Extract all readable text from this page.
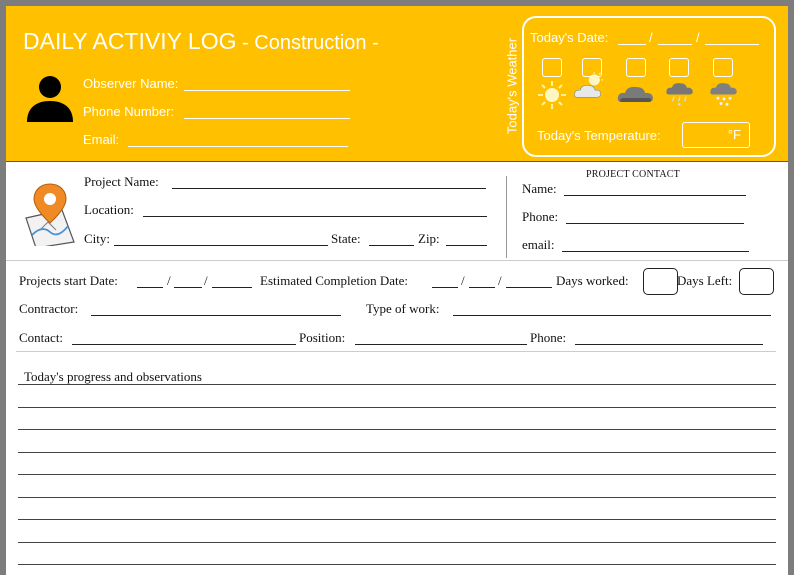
DAILY ACTIVIY LOG - Construction -
Observer Name:
Phone Number:
Email:
Today's Weather
Today's Date:	/	/
Today's Temperature:	°F
Project Name:
Location:
City:	State:	Zip:
PROJECT CONTACT
Name:
Phone:
email:
Projects start Date:	/	/	Estimated Completion Date:	/	/	Days worked:	Days Left:
Contractor:	Type of work:
Contact:	Position:	Phone:
Today's progress and observations
